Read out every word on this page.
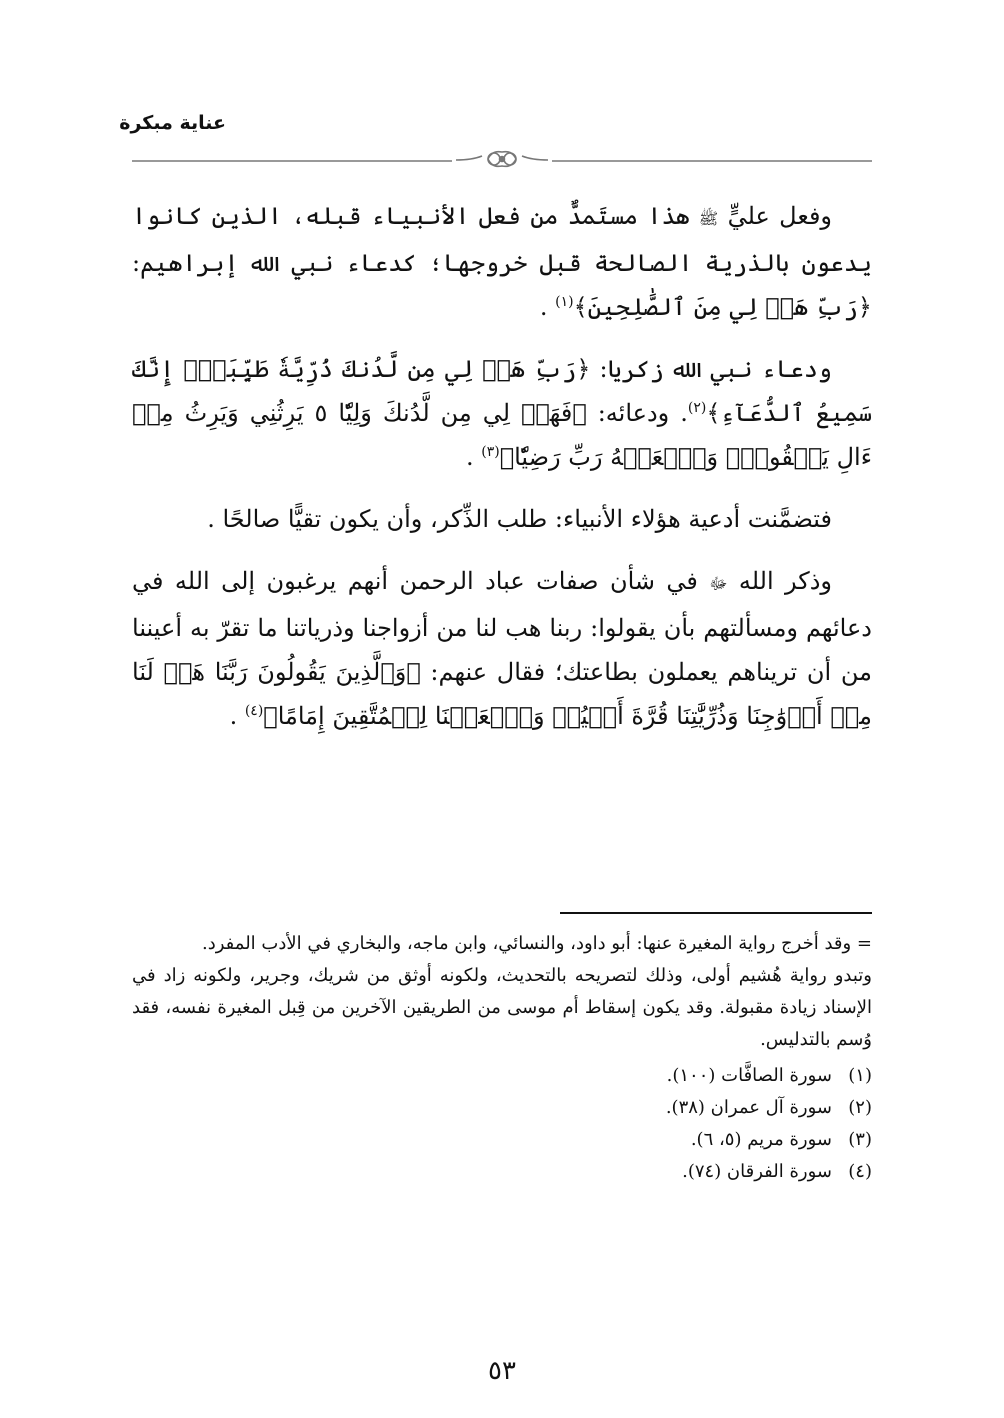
عناية مبكرة

وفعل عليٍّ ﷺ هذا مستَمدٌّ من فعل الأنبياء قبله، الذين كانوا يدعون بالذرية الصالحة قبل خروجها؛ كدعاء نبي الله إبراهيم: ﴿رَبِّ هَبۡ لِي مِنَ ٱلصَّٰلِحِينَ﴾$^{(١)}$ .

ودعاء نبي الله زكريا: ﴿رَبِّ هَبۡ لِي مِن لَّدُنكَ ذُرِّيَّةٗ طَيِّبَةًۖ إِنَّكَ سَمِيعُ ٱلدُّعَآءِ﴾$^{(٢)}$. ودعائه: ﴿فَهَبۡ لِي مِن لَّدُنكَ وَلِيّٗا ٥ يَرِثُنِي وَيَرِثُ مِنۡ ءَالِ يَعۡقُوبَۖ وَٱجۡعَلۡهُ رَبِّ رَضِيّٗا﴾$^{(٣)}$ .

فتضمَّنت أدعية هؤلاء الأنبياء: طلب الذِّكر، وأن يكون تقيًّا صالحًا .

وذكر الله ﷻ في شأن صفات عباد الرحمن أنهم يرغبون إلى الله في دعائهم ومسألتهم بأن يقولوا: ربنا هب لنا من أزواجنا وذرياتنا ما تقرّ به أعيننا من أن تريناهم يعملون بطاعتك؛ فقال عنهم: ﴿وَٱلَّذِينَ يَقُولُونَ رَبَّنَا هَبۡ لَنَا مِنۡ أَزۡوَٰجِنَا وَذُرِّيَّٰتِنَا قُرَّةَ أَعۡيُنٖ وَٱجۡعَلۡنَا لِلۡمُتَّقِينَ إِمَامًا﴾$^{(٤)}$ .

= وقد أخرج رواية المغيرة عنها: أبو داود، والنسائي، وابن ماجه، والبخاري في الأدب المفرد.

وتبدو رواية هُشيم أولى، وذلك لتصريحه بالتحديث، ولكونه أوثق من شريك، وجرير، ولكونه زاد في الإسناد زيادة مقبولة. وقد يكون إسقاط أم موسى من الطريقين الآخرين من قِبل المغيرة نفسه، فقد وُسم بالتدليس.

(١)سورة الصافَّات (١٠٠).

(٢)سورة آل عمران (٣٨).

(٣)سورة مريم (٥، ٦).

(٤)سورة الفرقان (٧٤).

٥٣
